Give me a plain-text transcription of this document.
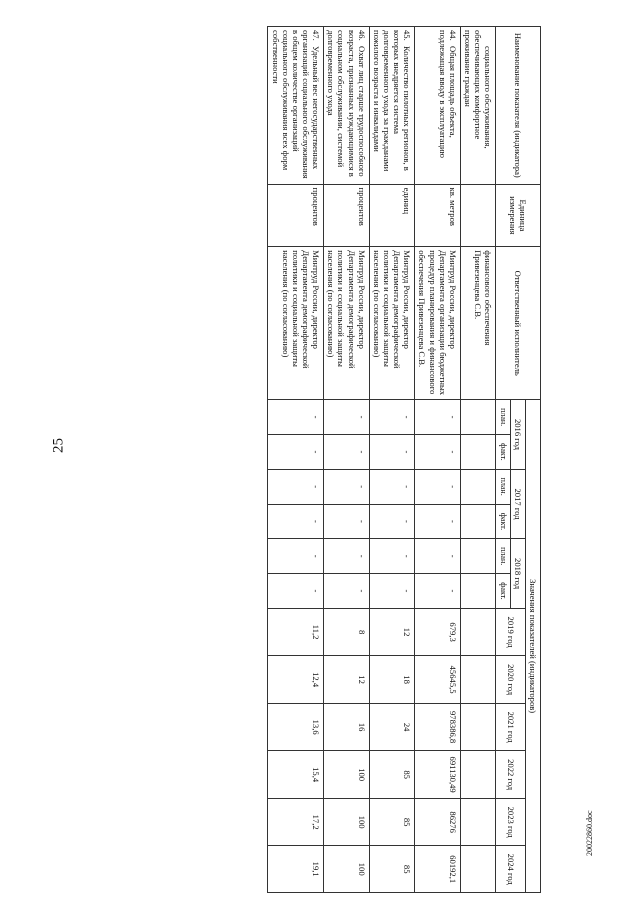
25
20022860.doc
Наименование показателя (индикатора)	Единица измерения	Ответственный исполнитель	Значения показателей (индикаторов)											
			2016 год		2017 год		2018 год		2019 год	2020 год	2021 год	2022 год	2023 год	2024 год
			план.	факт.	план.	факт.	план.	факт.						
социального обслуживания, обеспечивающих комфортное проживание граждан		финансового обеспечения Привезенцева С.В.												
44.Общая площадь объекта, подлежащая вводу в эксплуатацию	кв. метров	Минтруд России, директор Департамента организации бюджетных процедур планирования и финансового обеспечения Привезенцева С.В.	-	-	-	-	-	-	679,3	45645,5	978386,8	691130,49	86276	60192,1
45.Количество пилотных регионов, в которых внедряется система долговременного ухода за гражданами пожилого возраста и инвалидами	единиц	Минтруд России, директор Департамента демографической политики и социальной защиты населения (по согласованию)	-	-	-	-	-	-	12	18	24	85	85	85
46.Охват лиц старше трудоспособного возраста, признанных нуждающимися в социальном обслуживании, системой долговременного ухода	процентов	Минтруд России, директор Департамента демографической политики и социальной защиты населения (по согласованию)	-	-	-	-	-	-	8	12	16	100	100	100
47.Удельный вес негосударственных организаций социального обслуживания в общем количестве организаций социального обслуживания всех форм собственности	процентов	Минтруд России, директор Департамента демографической политики и социальной защиты населения (по согласованию)	-	-	-	-	-	-	11,2	12,4	13,6	15,4	17,2	19,1
